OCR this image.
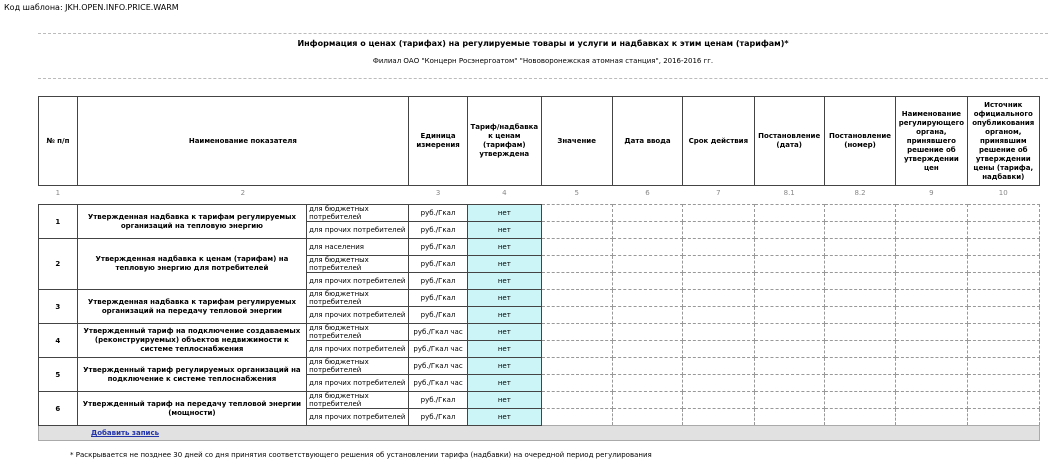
Код шаблона: JKH.OPEN.INFO.PRICE.WARM
Информация о ценах (тарифах) на регулируемые товары и услуги и надбавках к этим ценам (тарифам)*
Филиал ОАО "Концерн Росэнергоатом" "Нововоронежская атомная станция", 2016-2016 гг.
№ п/п	Наименование показателя		Единица измерения	Тариф/надбавка к ценам (тарифам) утверждена	Значение	Дата ввода	Срок действия	Постановление (дата)	Постановление (номер)	Наименование регулирующего органа, принявшего решение об утверждении цен	Источник официального опубликования органом, принявшим решение об утверждении цены (тарифа, надбавки)
1	2		3	4	5	6	7	8.1	8.2	9	10

1	Утвержденная надбавка к тарифам регулируемых организаций на тепловую энергию	для бюджетных потребителей	руб./Гкал	нет							
		для прочих потребителей	руб./Гкал	нет							
2	Утвержденная надбавка к ценам (тарифам) на тепловую энергию для потребителей	для населения	руб./Гкал	нет							
		для бюджетных потребителей	руб./Гкал	нет							
		для прочих потребителей	руб./Гкал	нет							
3	Утвержденная надбавка к тарифам регулируемых организаций на передачу тепловой энергии	для бюджетных потребителей	руб./Гкал	нет							
		для прочих потребителей	руб./Гкал	нет							
4	Утвержденный тариф на подключение создаваемых (реконструируемых) объектов недвижимости к системе теплоснабжения	для бюджетных потребителей	руб./Гкал час	нет							
		для прочих потребителей	руб./Гкал час	нет							
5	Утвержденный тариф регулируемых организаций на подключение к системе теплоснабжения	для бюджетных потребителей	руб./Гкал час	нет							
		для прочих потребителей	руб./Гкал час	нет							
6	Утвержденный тариф на передачу тепловой энергии (мощности)	для бюджетных потребителей	руб./Гкал	нет							
		для прочих потребителей	руб./Гкал	нет							
Добавить запись											
* Раскрывается не позднее 30 дней со дня принятия соответствующего решения об установлении тарифа (надбавки) на очередной период регулирования
